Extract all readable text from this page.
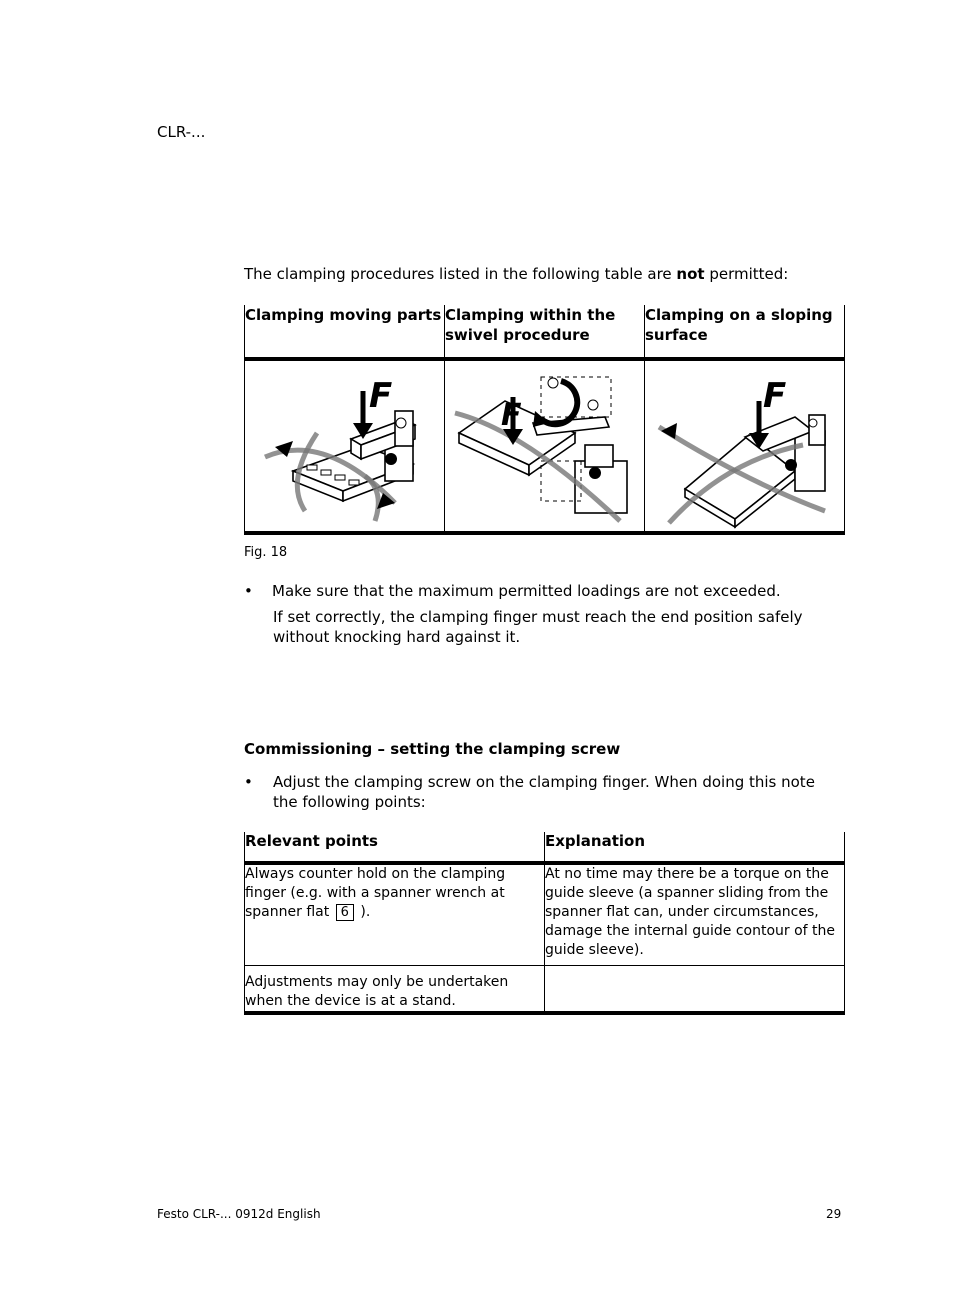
CLR-...
The clamping procedures listed in the following table are not permitted:
Clamping moving parts	Clamping within the swivel procedure	Clamping on a sloping surface

F	F	F
Fig. 18
• Make sure that the maximum permitted loadings are not exceeded.
If set correctly, the clamping finger must reach the end position safely without knocking hard against it.
Commissioning – setting the clamping screw
• Adjust the clamping screw on the clamping finger. When doing this note the following points:
Relevant points	Explanation
Always counter hold on the clamping finger (e.g. with a spanner wrench at spanner flat 6 ).	At no time may there be a torque on the guide sleeve (a spanner sliding from the spanner flat can, under circumstances, damage the internal guide contour of the guide sleeve).
Adjustments may only be undertaken when the device is at a stand.	
Festo CLR-... 0912d English	29
